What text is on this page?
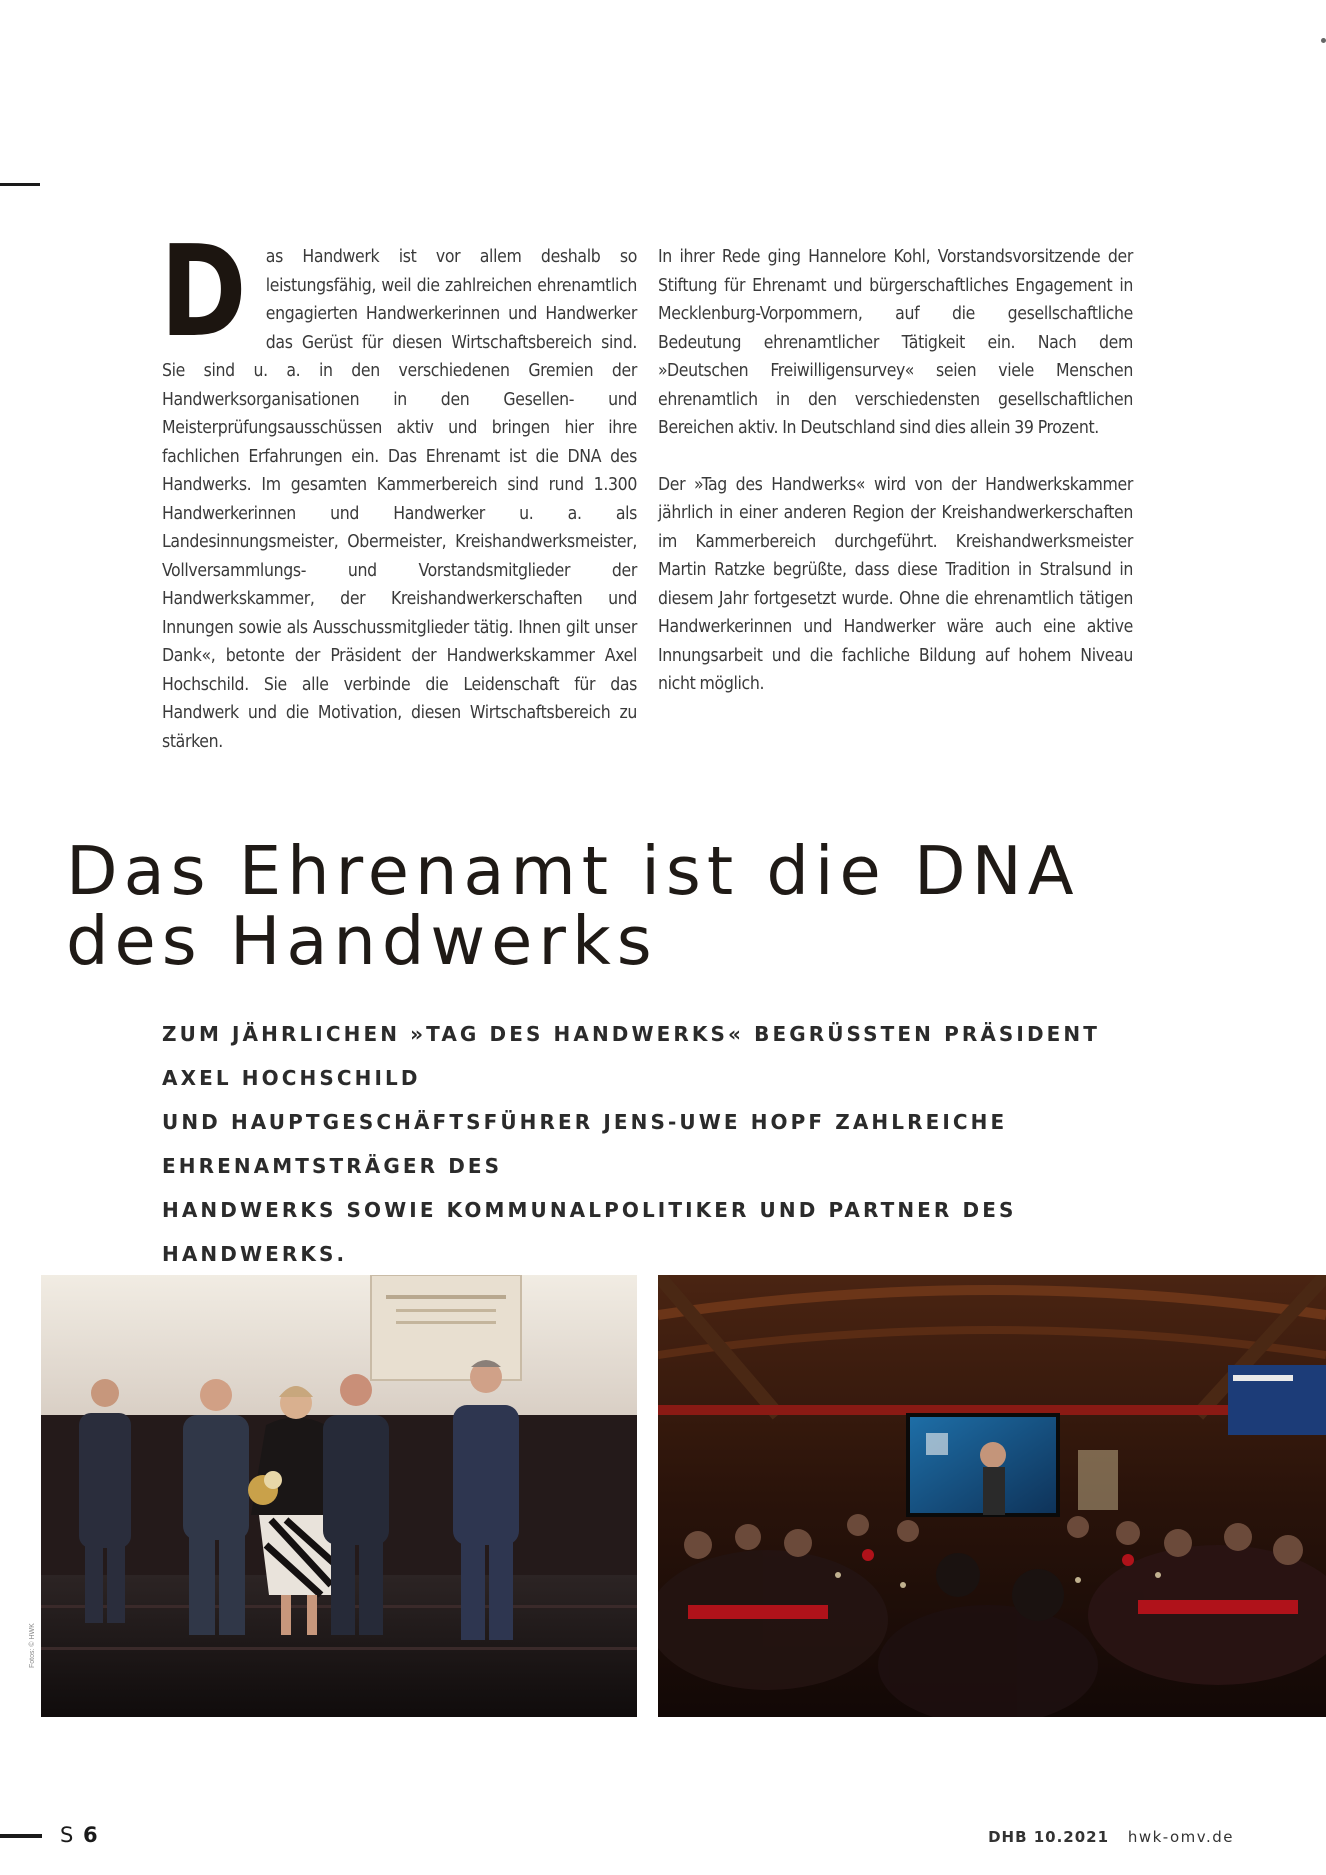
D as Handwerk ist vor allem deshalb so leistungsfähig, weil die zahlreichen ehrenamtlich engagierten Handwerkerinnen und Handwerker das Gerüst für diesen Wirtschaftsbereich sind. Sie sind u. a. in den verschiedenen Gremien der Handwerksorganisationen in den Gesellen- und Meisterprüfungsausschüssen aktiv und bringen hier ihre fachlichen Erfahrungen ein. Das Ehrenamt ist die DNA des Handwerks. Im gesamten Kammerbereich sind rund 1.300 Handwerkerinnen und Handwerker u. a. als Landesinnungsmeister, Obermeister, Kreishandwerksmeister, Vollversammlungs- und Vorstandsmitglieder der Handwerkskammer, der Kreishandwerkerschaften und Innungen sowie als Ausschussmitglieder tätig. Ihnen gilt unser Dank«, betonte der Präsident der Handwerkskammer Axel Hochschild. Sie alle verbinde die Leidenschaft für das Handwerk und die Motivation, diesen Wirtschaftsbereich zu stärken.

In ihrer Rede ging Hannelore Kohl, Vorstandsvorsitzende der Stiftung für Ehrenamt und bürgerschaftliches Engagement in Mecklenburg-Vorpommern, auf die gesellschaftliche Bedeutung ehrenamtlicher Tätigkeit ein. Nach dem »Deutschen Freiwilligensurvey« seien viele Menschen ehrenamtlich in den verschiedensten gesellschaftlichen Bereichen aktiv. In Deutschland sind dies allein 39 Prozent.

Der »Tag des Handwerks« wird von der Handwerkskammer jährlich in einer anderen Region der Kreishandwerkerschaften im Kammerbereich durchgeführt. Kreishandwerksmeister Martin Ratzke begrüßte, dass diese Tradition in Stralsund in diesem Jahr fortgesetzt wurde. Ohne die ehrenamtlich tätigen Handwerkerinnen und Handwerker wäre auch eine aktive Innungsarbeit und die fachliche Bildung auf hohem Niveau nicht möglich.

Das Ehrenamt ist die DNA
des Handwerks

ZUM JÄHRLICHEN »TAG DES HANDWERKS« BEGRÜSSTEN PRÄSIDENT AXEL HOCHSCHILD
UND HAUPTGESCHÄFTSFÜHRER JENS-UWE HOPF ZAHLREICHE EHRENAMTSTRÄGER DES
HANDWERKS SOWIE KOMMUNALPOLITIKER UND PARTNER DES HANDWERKS.

Fotos: © HWK
S 6	DHB 10.2021 hwk-omv.de
